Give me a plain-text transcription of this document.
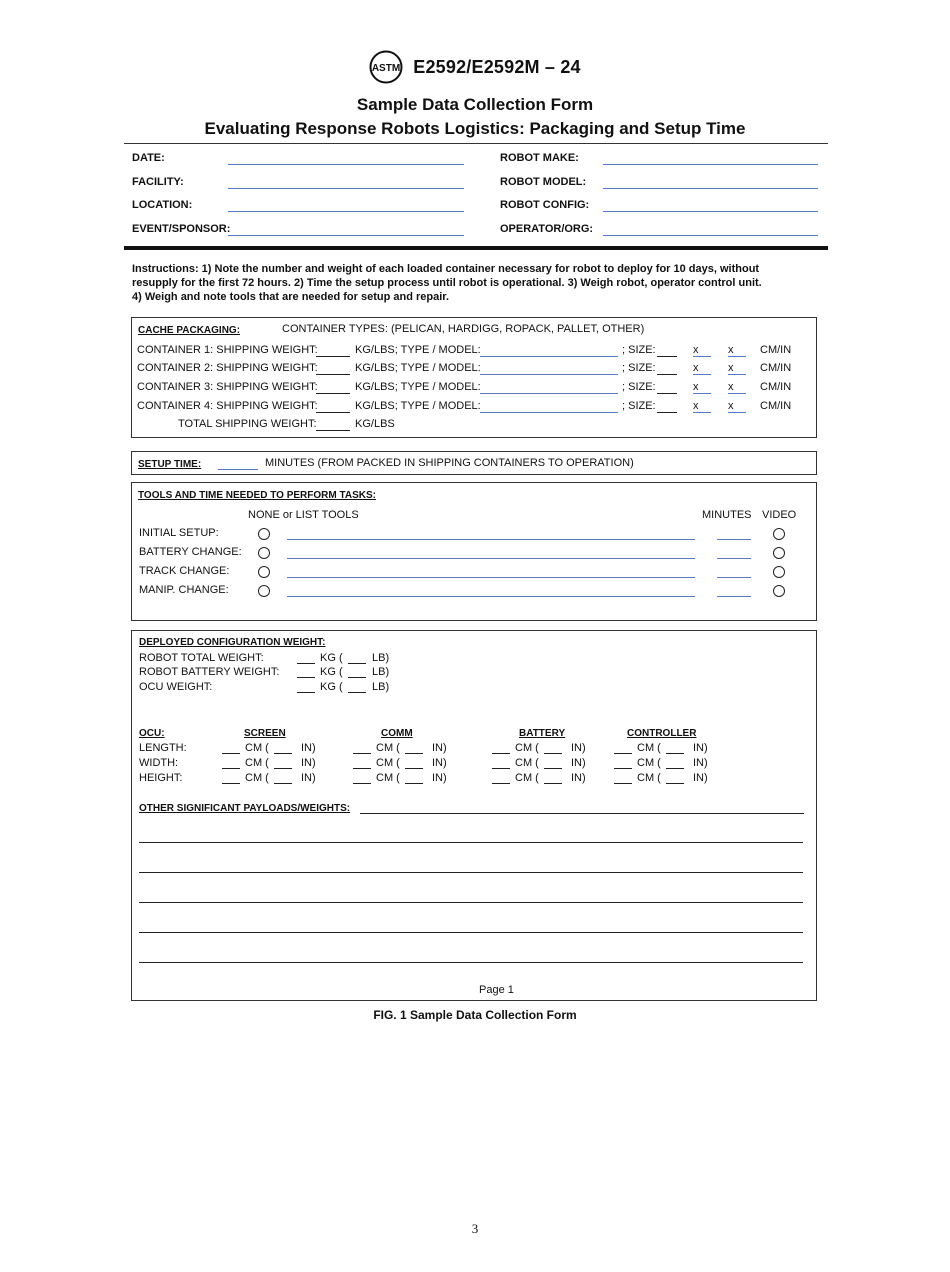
ASTM E2592/E2592M – 24
Sample Data Collection Form
Evaluating Response Robots Logistics: Packaging and Setup Time
DATE:
FACILITY:
LOCATION:
EVENT/SPONSOR:
ROBOT MAKE:
ROBOT MODEL:
ROBOT CONFIG:
OPERATOR/ORG:
Instructions: 1) Note the number and weight of each loaded container necessary for robot to deploy for 10 days, without resupply for the first 72 hours. 2) Time the setup process until robot is operational. 3) Weigh robot, operator control unit. 4) Weigh and note tools that are needed for setup and repair.
CACHE PACKAGING:	CONTAINER TYPES: (PELICAN, HARDIGG, ROPACK, PALLET, OTHER)
CONTAINER 1: SHIPPING WEIGHT:	KG/LBS; TYPE / MODEL:	; SIZE:	x	x	CM/IN
CONTAINER 2: SHIPPING WEIGHT:	KG/LBS; TYPE / MODEL:	; SIZE:	x	x	CM/IN
CONTAINER 3: SHIPPING WEIGHT:	KG/LBS; TYPE / MODEL:	; SIZE:	x	x	CM/IN
CONTAINER 4: SHIPPING WEIGHT:	KG/LBS; TYPE / MODEL:	; SIZE:	x	x	CM/IN
TOTAL SHIPPING WEIGHT:	KG/LBS
SETUP TIME:	MINUTES (FROM PACKED IN SHIPPING CONTAINERS TO OPERATION)
TOOLS AND TIME NEEDED TO PERFORM TASKS:
NONE or LIST TOOLS	MINUTES VIDEO
INITIAL SETUP:
BATTERY CHANGE:
TRACK CHANGE:
MANIP. CHANGE:
DEPLOYED CONFIGURATION WEIGHT:
ROBOT TOTAL WEIGHT:	KG (	LB)
ROBOT BATTERY WEIGHT:	KG (	LB)
OCU WEIGHT:	KG (	LB)
OCU:	SCREEN	COMM	BATTERY	CONTROLLER
LENGTH:	CM (	IN)	CM (	IN)	CM (	IN)	CM (	IN)
WIDTH:	CM (	IN)	CM (	IN)	CM (	IN)	CM (	IN)
HEIGHT:	CM (	IN)	CM (	IN)	CM (	IN)	CM (	IN)
OTHER SIGNIFICANT PAYLOADS/WEIGHTS:
Page 1
FIG. 1 Sample Data Collection Form
3
